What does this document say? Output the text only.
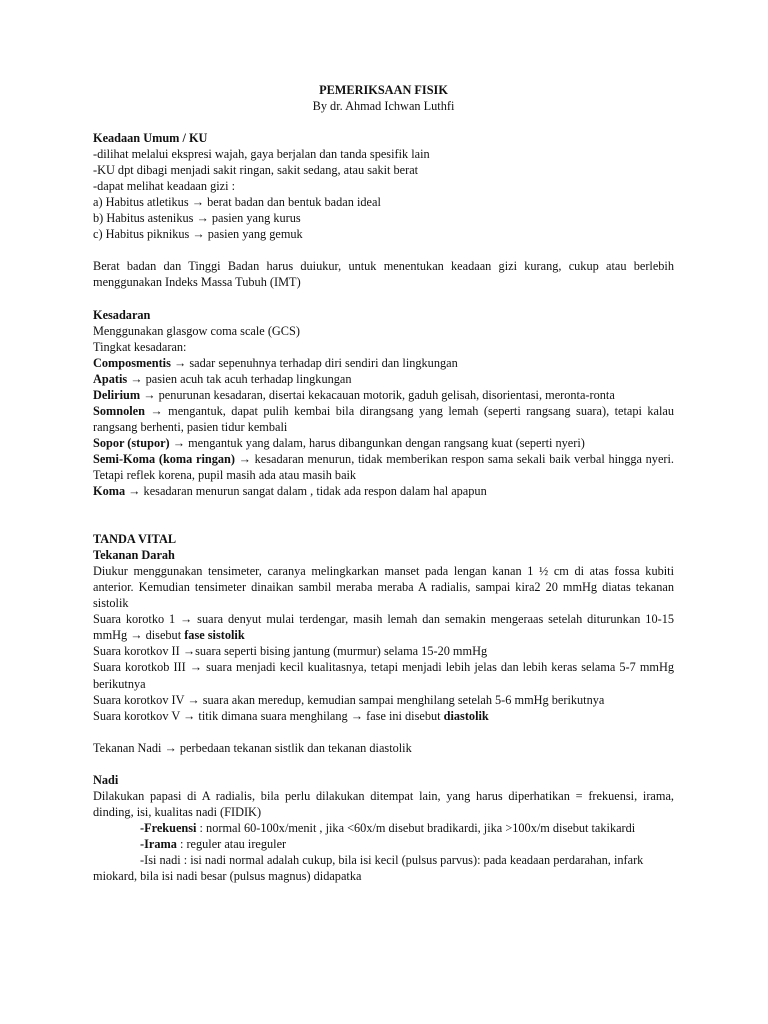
PEMERIKSAAN FISIK

By dr. Ahmad Ichwan Luthfi

Keadaan Umum / KU

-dilihat melalui ekspresi wajah, gaya berjalan dan tanda spesifik lain

-KU dpt dibagi menjadi sakit ringan, sakit sedang, atau sakit berat

-dapat melihat keadaan gizi :

a) Habitus atletikus → berat badan dan bentuk badan ideal

b) Habitus astenikus → pasien yang kurus

c) Habitus piknikus → pasien yang gemuk

Berat badan dan Tinggi Badan harus duiukur, untuk menentukan keadaan gizi kurang, cukup atau berlebih menggunakan Indeks Massa Tubuh (IMT)

Kesadaran

Menggunakan glasgow coma scale (GCS)

Tingkat kesadaran:

Composmentis → sadar sepenuhnya terhadap diri sendiri dan lingkungan

Apatis → pasien acuh tak acuh terhadap lingkungan

Delirium → penurunan kesadaran, disertai kekacauan motorik, gaduh gelisah, disorientasi, meronta-ronta

Somnolen → mengantuk, dapat pulih kembai bila dirangsang yang lemah (seperti rangsang suara), tetapi kalau rangsang berhenti, pasien tidur kembali

Sopor (stupor) → mengantuk yang dalam, harus dibangunkan dengan rangsang kuat (seperti nyeri)

Semi-Koma (koma ringan) → kesadaran menurun, tidak memberikan respon sama sekali baik verbal hingga nyeri. Tetapi reflek korena, pupil masih ada atau masih baik

Koma → kesadaran menurun sangat dalam , tidak ada respon dalam hal apapun

TANDA VITAL

Tekanan Darah

Diukur menggunakan tensimeter, caranya melingkarkan manset pada lengan kanan 1 ½ cm di atas fossa kubiti anterior. Kemudian tensimeter dinaikan sambil meraba meraba A radialis, sampai kira2 20 mmHg diatas tekanan sistolik

Suara korotko 1 → suara denyut mulai terdengar, masih lemah dan semakin mengeraas setelah diturunkan 10-15 mmHg → disebut fase sistolik

Suara korotkov II →suara seperti bising jantung (murmur) selama 15-20 mmHg

Suara korotkob III → suara menjadi kecil kualitasnya, tetapi menjadi lebih jelas dan lebih keras selama 5-7 mmHg berikutnya

Suara korotkov IV → suara akan meredup, kemudian sampai menghilang setelah 5-6 mmHg berikutnya

Suara korotkov V → titik dimana suara menghilang → fase ini disebut diastolik

Tekanan Nadi → perbedaan tekanan sistlik dan tekanan diastolik

Nadi

Dilakukan papasi di A radialis, bila perlu dilakukan ditempat lain, yang harus diperhatikan = frekuensi, irama, dinding, isi, kualitas nadi (FIDIK)

-Frekuensi : normal 60-100x/menit , jika <60x/m disebut bradikardi, jika >100x/m disebut takikardi

-Irama : reguler atau ireguler

-Isi nadi : isi nadi normal adalah cukup, bila isi kecil (pulsus parvus): pada keadaan perdarahan, infark

miokard, bila isi nadi besar (pulsus magnus) didapatka
